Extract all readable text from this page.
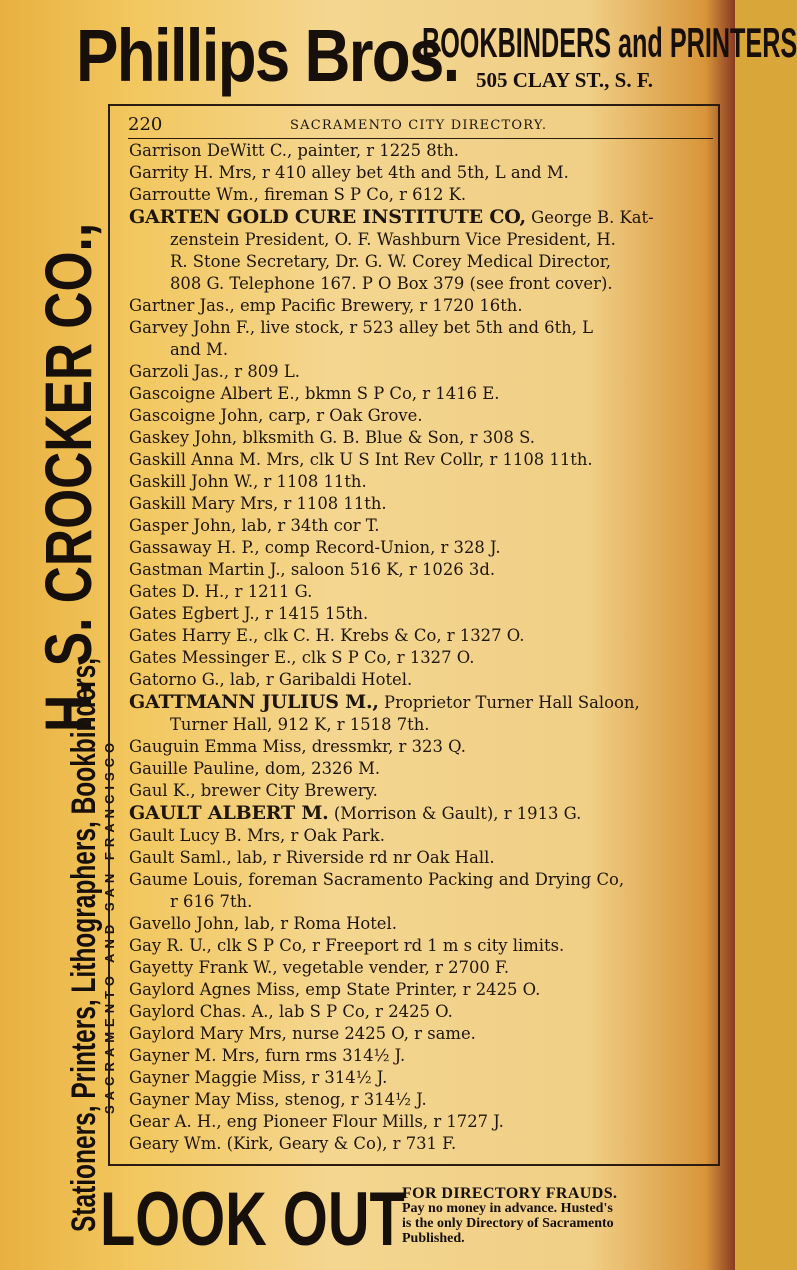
Phillips Bros.
BOOKBINDERS and PRINTERS
505 CLAY ST., S. F.
H. S. CROCKER CO.,
Stationers, Printers, Lithographers, Bookbinders, SACRAMENTO AND SAN FRANCISCO
220	SACRAMENTO CITY DIRECTORY.
Garrison DeWitt C., painter, r 1225 8th.
Garrity H. Mrs, r 410 alley bet 4th and 5th, L and M.
Garroutte Wm., fireman S P Co, r 612 K.
GARTEN GOLD CURE INSTITUTE CO, George B. Kat-
zenstein President, O. F. Washburn Vice President, H.
R. Stone Secretary, Dr. G. W. Corey Medical Director,
808 G. Telephone 167. P O Box 379 (see front cover).
Gartner Jas., emp Pacific Brewery, r 1720 16th.
Garvey John F., live stock, r 523 alley bet 5th and 6th, L
and M.
Garzoli Jas., r 809 L.
Gascoigne Albert E., bkmn S P Co, r 1416 E.
Gascoigne John, carp, r Oak Grove.
Gaskey John, blksmith G. B. Blue & Son, r 308 S.
Gaskill Anna M. Mrs, clk U S Int Rev Collr, r 1108 11th.
Gaskill John W., r 1108 11th.
Gaskill Mary Mrs, r 1108 11th.
Gasper John, lab, r 34th cor T.
Gassaway H. P., comp Record-Union, r 328 J.
Gastman Martin J., saloon 516 K, r 1026 3d.
Gates D. H., r 1211 G.
Gates Egbert J., r 1415 15th.
Gates Harry E., clk C. H. Krebs & Co, r 1327 O.
Gates Messinger E., clk S P Co, r 1327 O.
Gatorno G., lab, r Garibaldi Hotel.
GATTMANN JULIUS M., Proprietor Turner Hall Saloon,
Turner Hall, 912 K, r 1518 7th.
Gauguin Emma Miss, dressmkr, r 323 Q.
Gauille Pauline, dom, 2326 M.
Gaul K., brewer City Brewery.
GAULT ALBERT M. (Morrison & Gault), r 1913 G.
Gault Lucy B. Mrs, r Oak Park.
Gault Saml., lab, r Riverside rd nr Oak Hall.
Gaume Louis, foreman Sacramento Packing and Drying Co,
r 616 7th.
Gavello John, lab, r Roma Hotel.
Gay R. U., clk S P Co, r Freeport rd 1 m s city limits.
Gayetty Frank W., vegetable vender, r 2700 F.
Gaylord Agnes Miss, emp State Printer, r 2425 O.
Gaylord Chas. A., lab S P Co, r 2425 O.
Gaylord Mary Mrs, nurse 2425 O, r same.
Gayner M. Mrs, furn rms 314½ J.
Gayner Maggie Miss, r 314½ J.
Gayner May Miss, stenog, r 314½ J.
Gear A. H., eng Pioneer Flour Mills, r 1727 J.
Geary Wm. (Kirk, Geary & Co), r 731 F.
LOOK OUT
FOR DIRECTORY FRAUDS.
Pay no money in advance. Husted's
is the only Directory of Sacramento
Published.
